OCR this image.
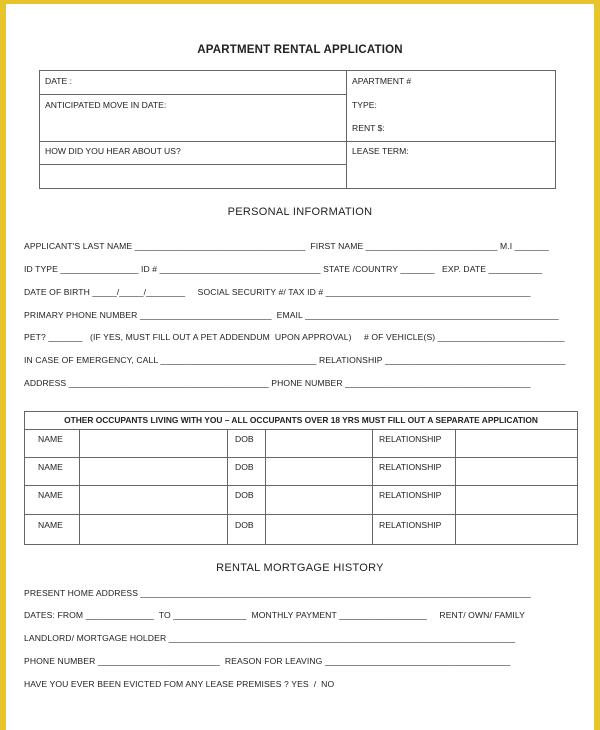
APARTMENT RENTAL APPLICATION
DATE :
ANTICIPATED MOVE IN DATE:
HOW DID YOU HEAR ABOUT US?
APARTMENT #
TYPE:
RENT $:
LEASE TERM:
PERSONAL INFORMATION
APPLICANT'S LAST NAME ___________________________________  FIRST NAME ___________________________ M.I _______
ID TYPE ________________ ID # _________________________________ STATE /COUNTRY _______   EXP. DATE ___________
DATE OF BIRTH _____/_____/________     SOCIAL SECURITY #/ TAX ID # __________________________________________
PRIMARY PHONE NUMBER ___________________________  EMAIL ____________________________________________________
PET? _______   (IF YES, MUST FILL OUT A PET ADDENDUM  UPON APPROVAL)     # OF VEHICLE(S) __________________________
IN CASE OF EMERGENCY, CALL ________________________________ RELATIONSHIP _____________________________________
ADDRESS _________________________________________ PHONE NUMBER ______________________________________
OTHER OCCUPANTS LIVING WITH YOU – ALL OCCUPANTS OVER 18 YRS MUST FILL OUT A SEPARATE APPLICATION
NAME	DOB	RELATIONSHIP
NAME	DOB	RELATIONSHIP
NAME	DOB	RELATIONSHIP
NAME	DOB	RELATIONSHIP
RENTAL MORTGAGE HISTORY
PRESENT HOME ADDRESS ________________________________________________________________________________
DATES: FROM ______________  TO _______________  MONTHLY PAYMENT __________________     RENT/ OWN/ FAMILY
LANDLORD/ MORTGAGE HOLDER _______________________________________________________________________
PHONE NUMBER _________________________  REASON FOR LEAVING ______________________________________
HAVE YOU EVER BEEN EVICTED FOM ANY LEASE PREMISES ? YES  /  NO
